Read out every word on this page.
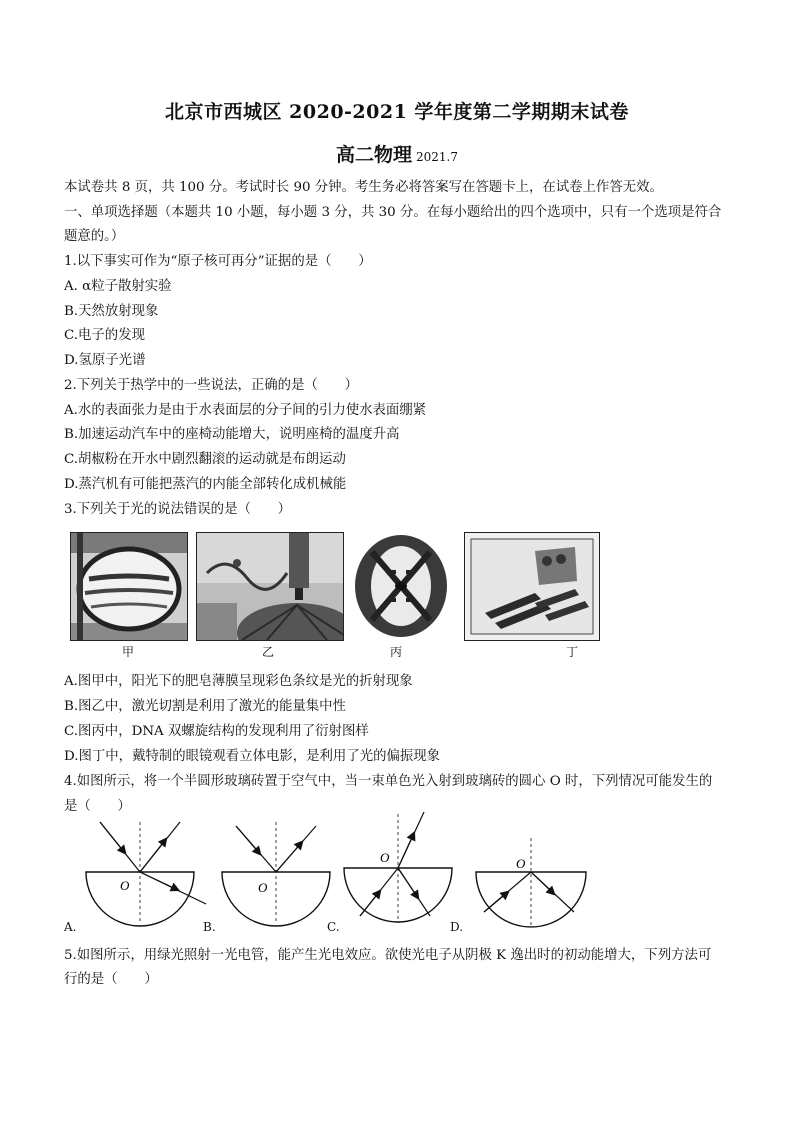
北京市西城区 2020-2021 学年度第二学期期末试卷
高二物理 2021.7
本试卷共 8 页，共 100 分。考试时长 90 分钟。考生务必将答案写在答题卡上，在试卷上作答无效。
一、单项选择题（本题共 10 小题，每小题 3 分，共 30 分。在每小题给出的四个选项中，只有一个选项是符合
题意的。）
1.以下事实可作为“原子核可再分”证据的是（　　）
A. α粒子散射实验
B.天然放射现象
C.电子的发现
D.氢原子光谱
2.下列关于热学中的一些说法，正确的是（　　）
A.水的表面张力是由于水表面层的分子间的引力使水表面绷紧
B.加速运动汽车中的座椅动能增大，说明座椅的温度升高
C.胡椒粉在开水中剧烈翻滚的运动就是布朗运动
D.蒸汽机有可能把蒸汽的内能全部转化成机械能
3.下列关于光的说法错误的是（　　）
甲	乙	丙	丁
A.图甲中，阳光下的肥皂薄膜呈现彩色条纹是光的折射现象
B.图乙中，激光切割是利用了激光的能量集中性
C.图丙中，DNA 双螺旋结构的发现利用了衍射图样
D.图丁中，戴特制的眼镜观看立体电影，是利用了光的偏振现象
4.如图所示，将一个半圆形玻璃砖置于空气中，当一束单色光入射到玻璃砖的圆心 O 时，下列情况可能发生的
是（　　）
O	O
O	O
A.	B.	C.	D.
5.如图所示，用绿光照射一光电管，能产生光电效应。欲使光电子从阴极 K 逸出时的初动能增大，下列方法可
行的是（　　）
